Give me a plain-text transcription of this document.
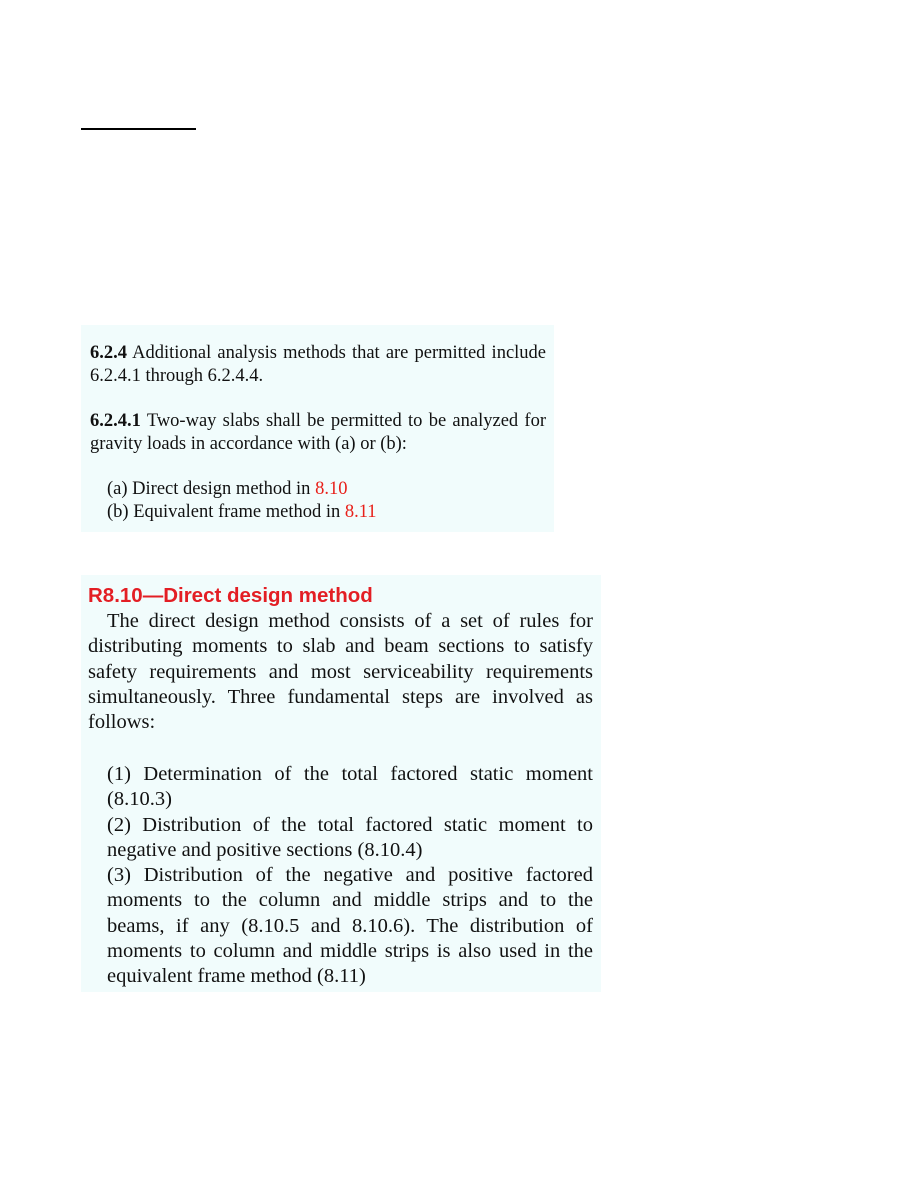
6.2.4 Additional analysis methods that are permitted include 6.2.4.1 through 6.2.4.4.

6.2.4.1 Two-way slabs shall be permitted to be analyzed for gravity loads in accordance with (a) or (b):

(a) Direct design method in 8.10

(b) Equivalent frame method in 8.11

R8.10—Direct design method

The direct design method consists of a set of rules for distributing moments to slab and beam sections to satisfy safety requirements and most serviceability requirements simultaneously. Three fundamental steps are involved as follows:

(1) Determination of the total factored static moment (8.10.3)

(2) Distribution of the total factored static moment to negative and positive sections (8.10.4)

(3) Distribution of the negative and positive factored moments to the column and middle strips and to the beams, if any (8.10.5 and 8.10.6). The distribution of moments to column and middle strips is also used in the equivalent frame method (8.11)
